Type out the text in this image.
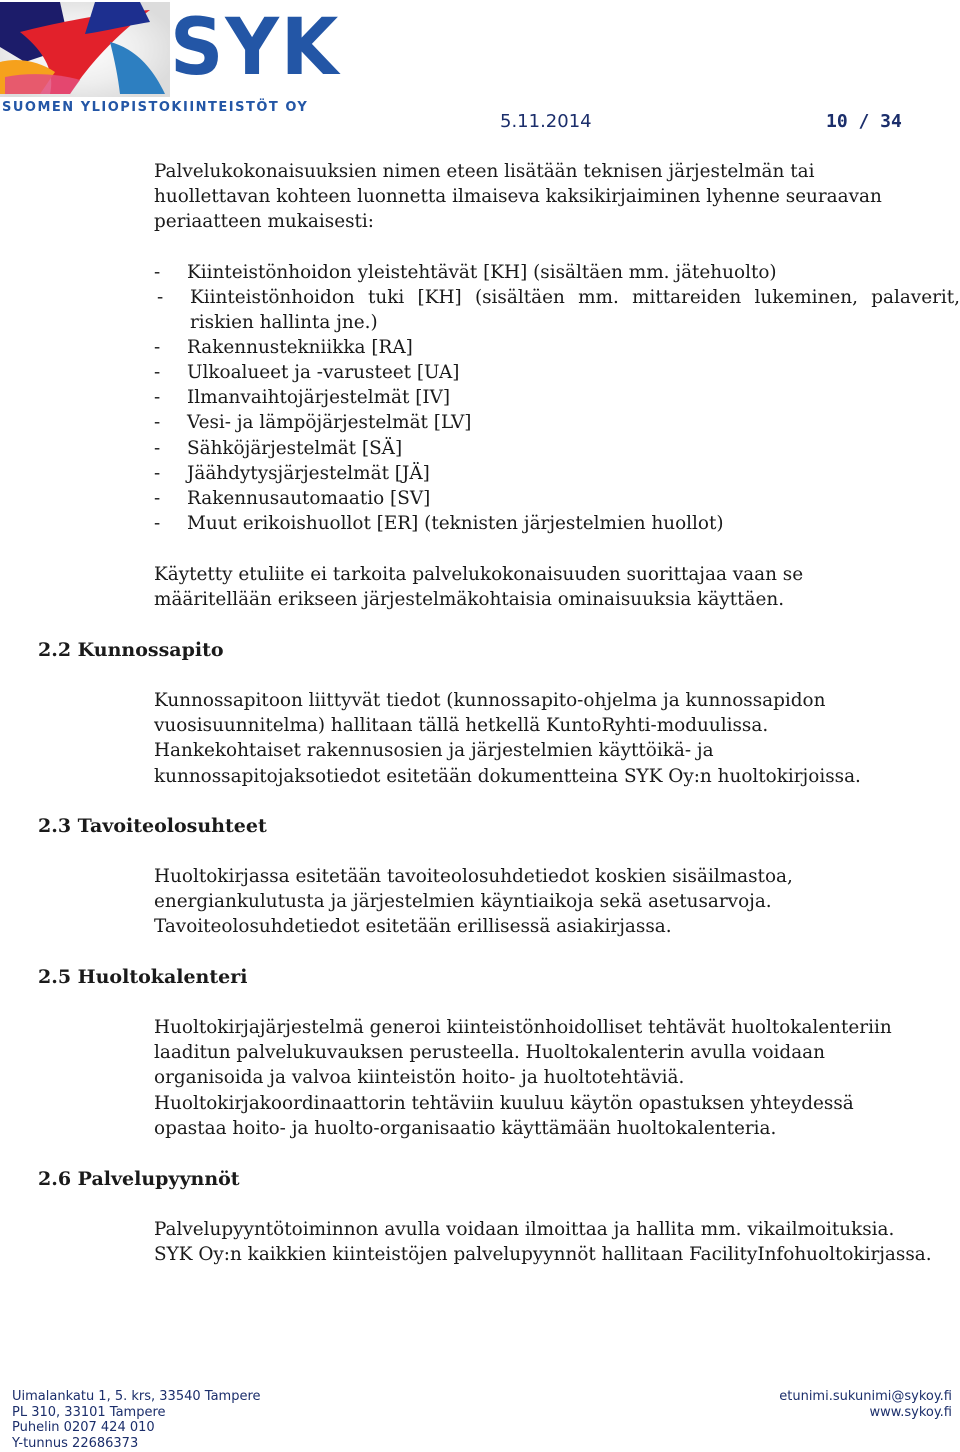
SYK
SUOMEN YLIOPISTOKIINTEISTÖT OY
5.11.2014	10 / 34
Palvelukokonaisuuksien nimen eteen lisätään teknisen järjestelmän tai
huollettavan kohteen luonnetta ilmaiseva kaksikirjaiminen lyhenne seuraavan
periaatteen mukaisesti:
- Kiinteistönhoidon yleistehtävät [KH] (sisältäen mm. jätehuolto)
- Kiinteistönhoidon tuki [KH] (sisältäen mm. mittareiden lukeminen, palaverit,
riskien hallinta jne.)
- Rakennustekniikka [RA]
- Ulkoalueet ja -varusteet [UA]
- Ilmanvaihtojärjestelmät [IV]
- Vesi- ja lämpöjärjestelmät [LV]
- Sähköjärjestelmät [SÄ]
- Jäähdytysjärjestelmät [JÄ]
- Rakennusautomaatio [SV]
- Muut erikoishuollot [ER] (teknisten järjestelmien huollot)
Käytetty etuliite ei tarkoita palvelukokonaisuuden suorittajaa vaan se
määritellään erikseen järjestelmäkohtaisia ominaisuuksia käyttäen.
2.2 Kunnossapito
Kunnossapitoon liittyvät tiedot (kunnossapito-ohjelma ja kunnossapidon
vuosisuunnitelma) hallitaan tällä hetkellä KuntoRyhti-moduulissa.
Hankekohtaiset rakennusosien ja järjestelmien käyttöikä- ja
kunnossapitojaksotiedot esitetään dokumentteina SYK Oy:n huoltokirjoissa.
2.3 Tavoiteolosuhteet
Huoltokirjassa esitetään tavoiteolosuhdetiedot koskien sisäilmastoa,
energiankulutusta ja järjestelmien käyntiaikoja sekä asetusarvoja.
Tavoiteolosuhdetiedot esitetään erillisessä asiakirjassa.
2.5 Huoltokalenteri
Huoltokirjajärjestelmä generoi kiinteistönhoidolliset tehtävät huoltokalenteriin
laaditun palvelukuvauksen perusteella. Huoltokalenterin avulla voidaan
organisoida ja valvoa kiinteistön hoito- ja huoltotehtäviä.
Huoltokirjakoordinaattorin tehtäviin kuuluu käytön opastuksen yhteydessä
opastaa hoito- ja huolto-organisaatio käyttämään huoltokalenteria.
2.6 Palvelupyynnöt
Palvelupyyntötoiminnon avulla voidaan ilmoittaa ja hallita mm. vikailmoituksia.
SYK Oy:n kaikkien kiinteistöjen palvelupyynnöt hallitaan FacilityInfohuoltokirjassa.
Uimalankatu 1, 5. krs, 33540 Tampere
PL 310, 33101 Tampere
Puhelin 0207 424 010
Y-tunnus 22686373
etunimi.sukunimi@sykoy.fi
www.sykoy.fi
